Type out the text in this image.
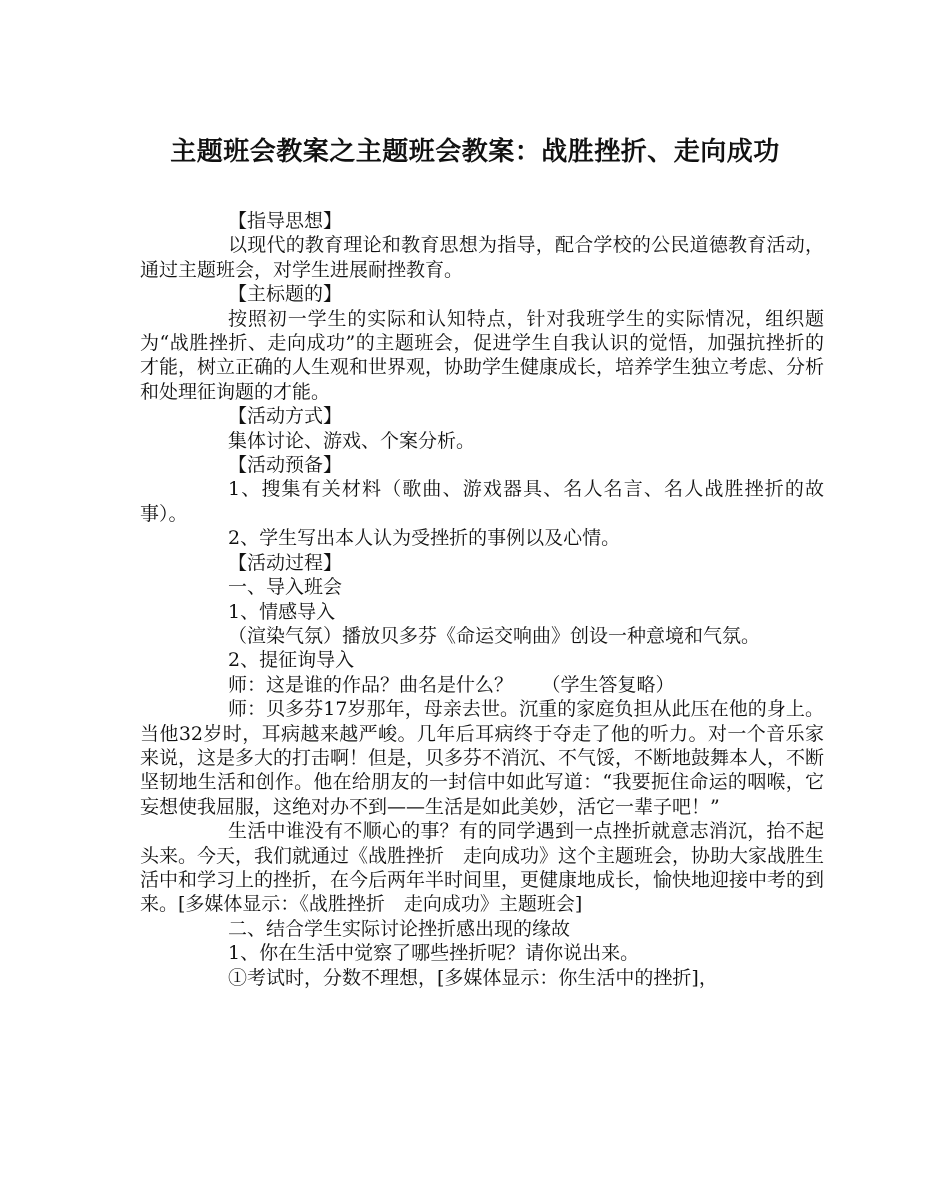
主题班会教案之主题班会教案：战胜挫折、走向成功

【指导思想】

以现代的教育理论和教育思想为指导，配合学校的公民道德教育活动，通过主题班会，对学生进展耐挫教育。

【主标题的】

按照初一学生的实际和认知特点，针对我班学生的实际情况，组织题为“战胜挫折、走向成功”的主题班会，促进学生自我认识的觉悟，加强抗挫折的才能，树立正确的人生观和世界观，协助学生健康成长，培养学生独立考虑、分析和处理征询题的才能。

【活动方式】

集体讨论、游戏、个案分析。

【活动预备】

1、搜集有关材料（歌曲、游戏器具、名人名言、名人战胜挫折的故事）。

2、学生写出本人认为受挫折的事例以及心情。

【活动过程】

一、导入班会

1、情感导入

（渲染气氛）播放贝多芬《命运交响曲》创设一种意境和气氛。

2、提征询导入

师：这是谁的作品？曲名是什么？　　（学生答复略）

师：贝多芬17岁那年，母亲去世。沉重的家庭负担从此压在他的身上。当他32岁时，耳病越来越严峻。几年后耳病终于夺走了他的听力。对一个音乐家来说，这是多大的打击啊！但是，贝多芬不消沉、不气馁，不断地鼓舞本人，不断坚韧地生活和创作。他在给朋友的一封信中如此写道：“我要扼住命运的咽喉，它妄想使我屈服，这绝对办不到——生活是如此美妙，活它一辈子吧！”

生活中谁没有不顺心的事？有的同学遇到一点挫折就意志消沉，抬不起头来。今天，我们就通过《战胜挫折　走向成功》这个主题班会，协助大家战胜生活中和学习上的挫折，在今后两年半时间里，更健康地成长，愉快地迎接中考的到来。[多媒体显示：《战胜挫折　走向成功》主题班会]

二、结合学生实际讨论挫折感出现的缘故

1、你在生活中觉察了哪些挫折呢？请你说出来。

①考试时，分数不理想，[多媒体显示：你生活中的挫折]，
